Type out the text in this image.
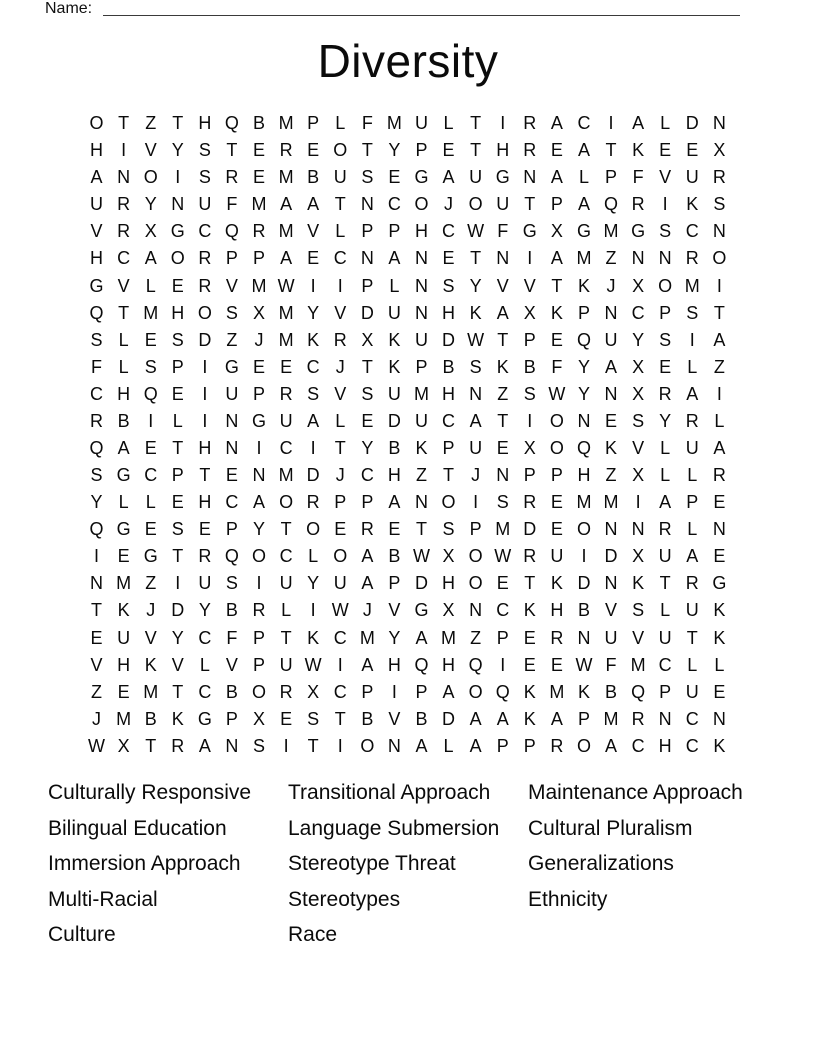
Name:
Diversity
O T Z T H Q B M P L F M U L T	I	R A C	I	A L D N
H	I	V Y S T E R E O T Y P E T H R E A T K E E X
A N O I	S R E M B U S E G A U G N A L P F V U R
U R Y N U F M A A T N C O J O U T P A Q R	I	K S
V R X G C Q R M V L P P H C W F G X G M G S C N
H C A O R P P A E C N A N E T N	I	A M Z N N R O
G V L E R V M W I	I	P L N S Y V V T K J X O M I
Q T M H O S X M Y V D U N H K A X K P N C P S T
S L E S D Z J M K R X K U D W T P E Q U Y S	I	A
F L S P	I G E E C J T K P B S K B F Y A X E L Z
C H Q E	I	U P R S V S U M H N Z S W Y N X R A	I
R B	I	L	I	N G U A L E D U C A T	I O N E S Y R L
Q A E T H N	I	C	I	T Y B K P U E X O Q K V L U A
S G C P T E N M D J C H Z T J N P P H Z X L L R
Y L L E H C A O R P P A N O I	S R E M M I	A P E
Q G E S E P Y T O E R E T S P M D E O N N R L N
I	E G T R Q O C L O A B W X O W R U	I	D X U A E
N M Z	I	U S	I	U Y U A P D H O E T K D N K T R G
T K J D Y B R L	I W J V G X N C K H B V S L U K
E U V Y C F P T K C M Y A M Z P E R N U V U T K
V H K V L V P U W I	A H Q H Q I	E E W F M C L L
Z E M T C B O R X C P	I	P A O Q K M K B Q P U E
J M B K G P X E S T B V B D A A K A P M R N C N
W X T R A N S	I	T	I O N A L A P P R O A C H C K
Culturally Responsive
Bilingual Education
Immersion Approach
Multi-Racial
Culture
Transitional Approach
Language Submersion
Stereotype Threat
Stereotypes
Race
Maintenance Approach
Cultural Pluralism
Generalizations
Ethnicity
